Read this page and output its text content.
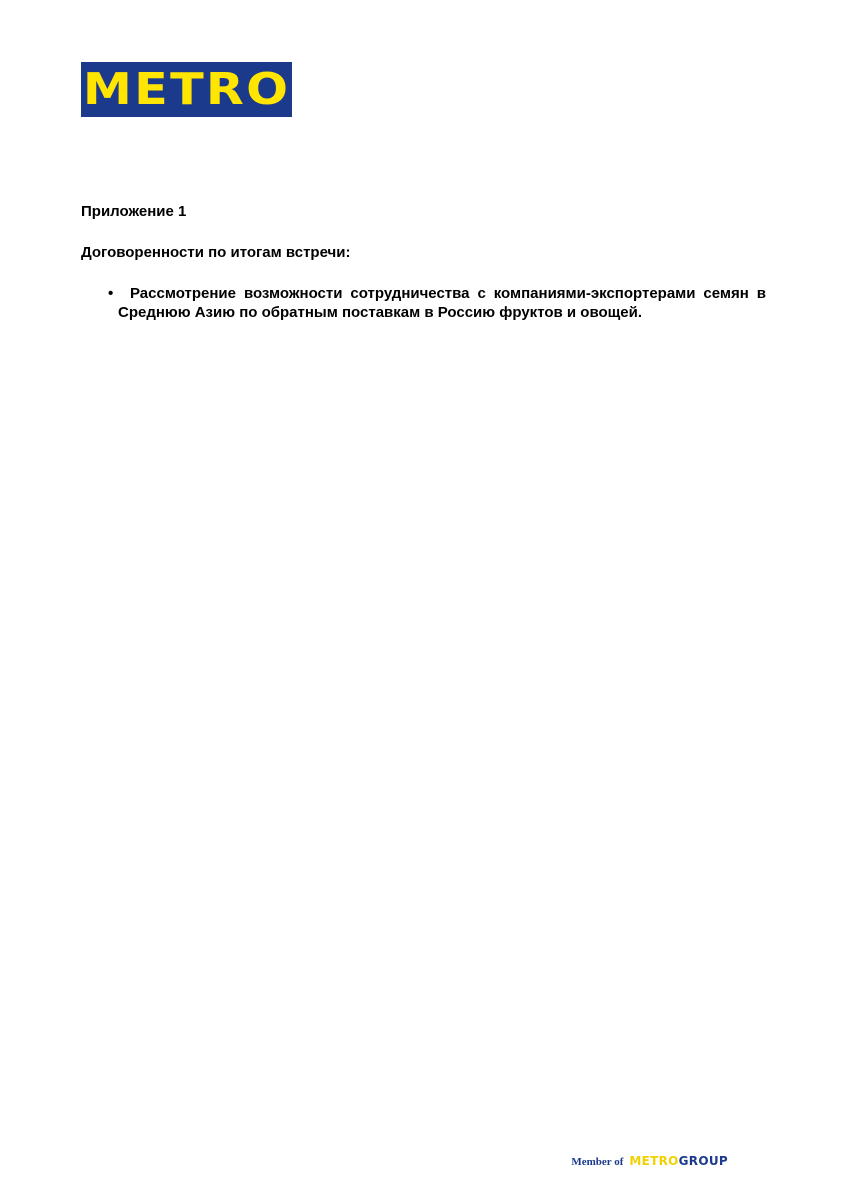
METRO
Приложение 1
Договоренности по итогам встречи:
•	Рассмотрение возможности сотрудничества с компаниями-экспортерами семян в Среднюю Азию по обратным поставкам в Россию фруктов и овощей.
Member of METROGROUP
